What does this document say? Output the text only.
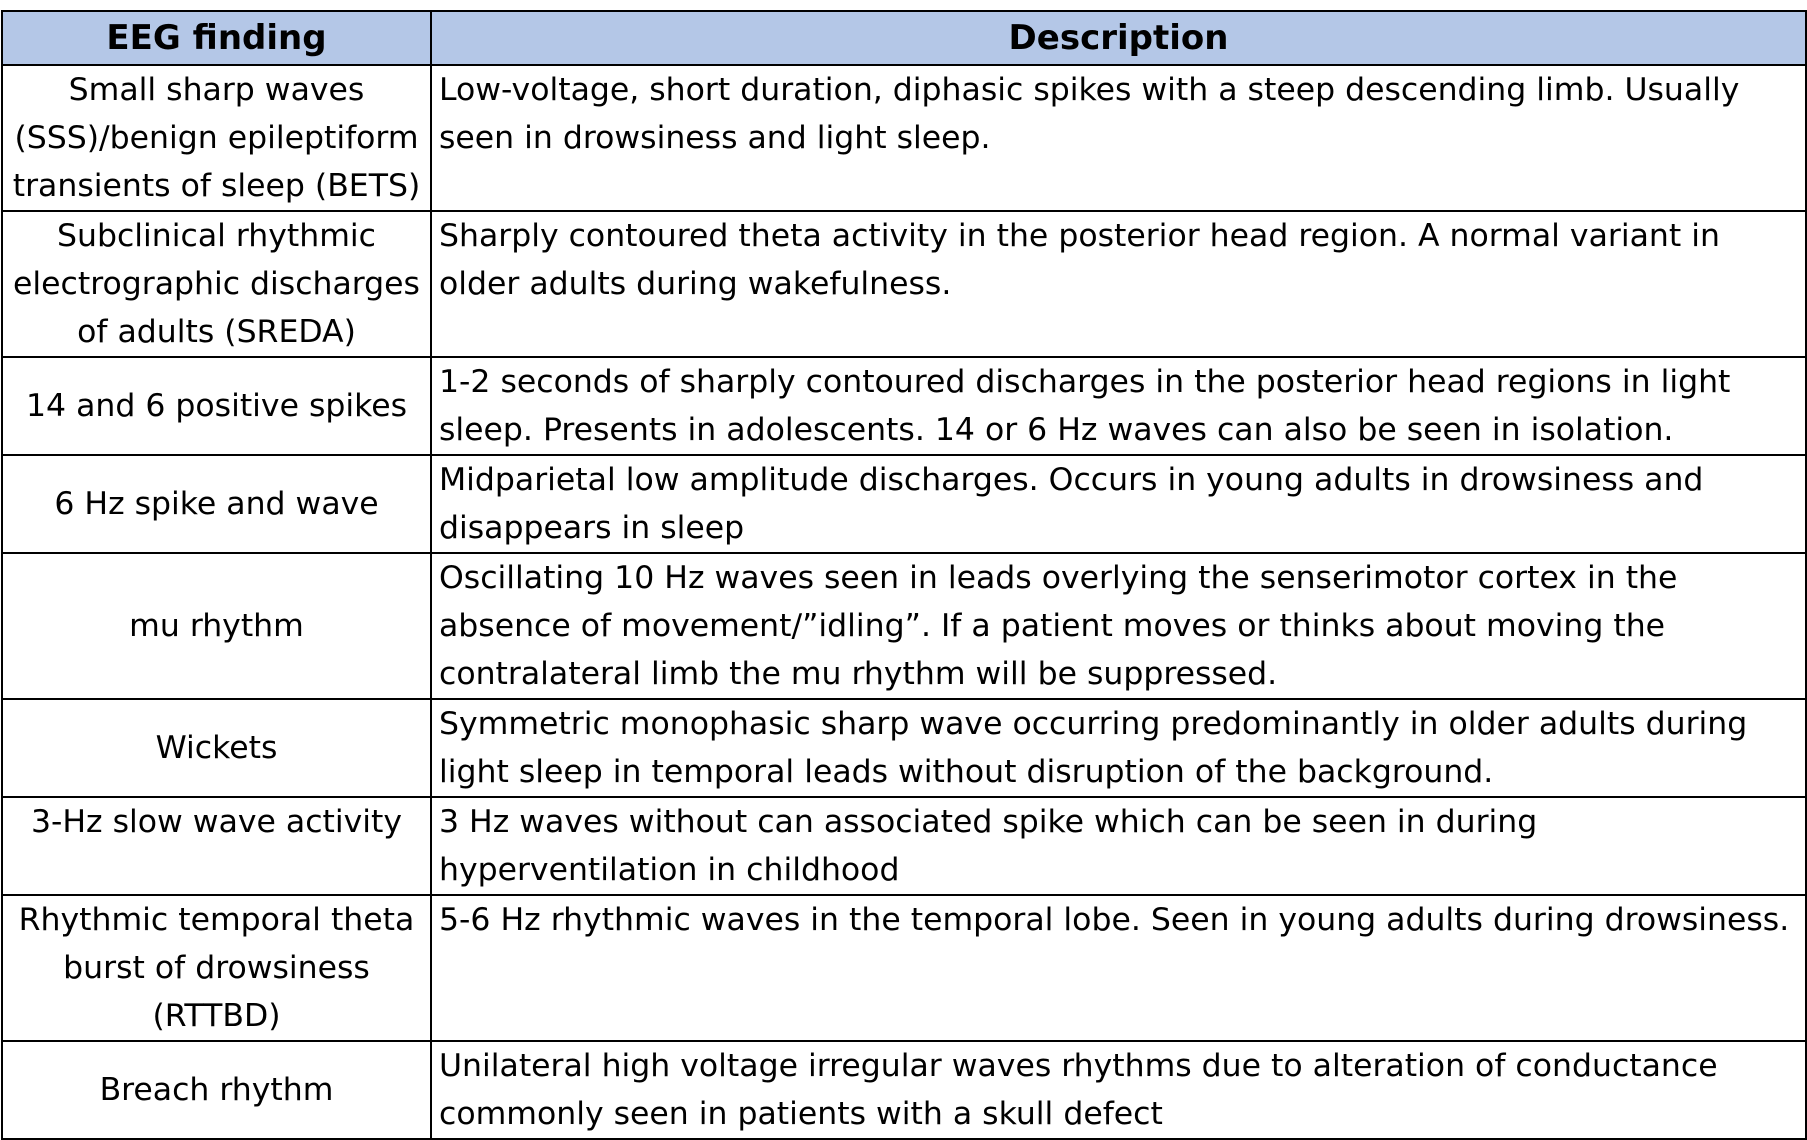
EEG finding	Description
Small sharp waves (SSS)/benign epileptiform transients of sleep (BETS)	Low-voltage, short duration, diphasic spikes with a steep descending limb. Usually seen in drowsiness and light sleep.
Subclinical rhythmic electrographic discharges of adults (SREDA)	Sharply contoured theta activity in the posterior head region. A normal variant in older adults during wakefulness.
14 and 6 positive spikes	1-2 seconds of sharply contoured discharges in the posterior head regions in light sleep. Presents in adolescents. 14 or 6 Hz waves can also be seen in isolation.
6 Hz spike and wave	Midparietal low amplitude discharges. Occurs in young adults in drowsiness and disappears in sleep
mu rhythm	Oscillating 10 Hz waves seen in leads overlying the senserimotor cortex in the absence of movement/”idling”. If a patient moves or thinks about moving the contralateral limb the mu rhythm will be suppressed.
Wickets	Symmetric monophasic sharp wave occurring predominantly in older adults during light sleep in temporal leads without disruption of the background.
3-Hz slow wave activity	3 Hz waves without can associated spike which can be seen in during hyperventilation in childhood
Rhythmic temporal theta burst of drowsiness (RTTBD)	5-6 Hz rhythmic waves in the temporal lobe. Seen in young adults during drowsiness.
Breach rhythm	Unilateral high voltage irregular waves rhythms due to alteration of conductance commonly seen in patients with a skull defect
